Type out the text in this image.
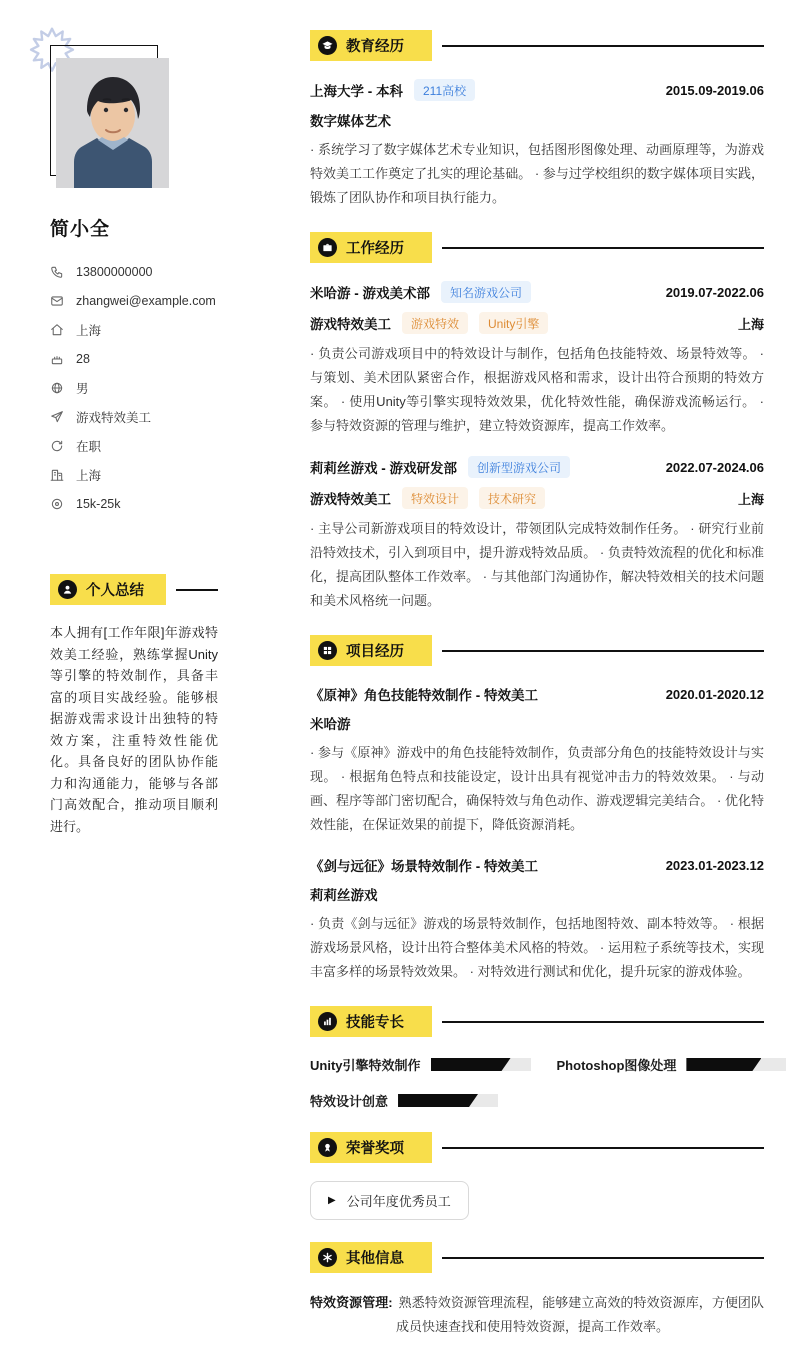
简小全
13800000000
zhangwei@example.com
上海
28
男
游戏特效美工
在职
上海
15k-25k
个人总结

本人拥有[工作年限]年游戏特效美工经验，熟练掌握Unity等引擎的特效制作，具备丰富的项目实战经验。能够根据游戏需求设计出独特的特效方案，注重特效性能优化。具备良好的团队协作能力和沟通能力，能够与各部门高效配合，推动项目顺利进行。

教育经历
上海大学 - 本科	211高校	2015.09-2019.06
数字媒体艺术

· 系统学习了数字媒体艺术专业知识，包括图形图像处理、动画原理等，为游戏特效美工工作奠定了扎实的理论基础。 · 参与过学校组织的数字媒体项目实践，锻炼了团队协作和项目执行能力。

工作经历
米哈游 - 游戏美术部	知名游戏公司	2019.07-2022.06
游戏特效美工	游戏特效	Unity引擎	上海

· 负责公司游戏项目中的特效设计与制作，包括角色技能特效、场景特效等。 · 与策划、美术团队紧密合作，根据游戏风格和需求，设计出符合预期的特效方案。 · 使用Unity等引擎实现特效效果，优化特效性能，确保游戏流畅运行。 · 参与特效资源的管理与维护，建立特效资源库，提高工作效率。

莉莉丝游戏 - 游戏研发部	创新型游戏公司	2022.07-2024.06
游戏特效美工	特效设计	技术研究	上海

· 主导公司新游戏项目的特效设计，带领团队完成特效制作任务。 · 研究行业前沿特效技术，引入到项目中，提升游戏特效品质。 · 负责特效流程的优化和标准化，提高团队整体工作效率。 · 与其他部门沟通协作，解决特效相关的技术问题和美术风格统一问题。

项目经历
《原神》角色技能特效制作 - 特效美工	2020.01-2020.12
米哈游

· 参与《原神》游戏中的角色技能特效制作，负责部分角色的技能特效设计与实现。 · 根据角色特点和技能设定，设计出具有视觉冲击力的特效效果。 · 与动画、程序等部门密切配合，确保特效与角色动作、游戏逻辑完美结合。 · 优化特效性能，在保证效果的前提下，降低资源消耗。

《剑与远征》场景特效制作 - 特效美工	2023.01-2023.12
莉莉丝游戏

· 负责《剑与远征》游戏的场景特效制作，包括地图特效、副本特效等。 · 根据游戏场景风格，设计出符合整体美术风格的特效。 · 运用粒子系统等技术，实现丰富多样的场景特效效果。 · 对特效进行测试和优化，提升玩家的游戏体验。

技能专长
Unity引擎特效制作	Photoshop图像处理
特效设计创意
荣誉奖项
▶ 公司年度优秀员工
其他信息

特效资源管理: 熟悉特效资源管理流程，能够建立高效的特效资源库，方便团队成员快速查找和使用特效资源，提高工作效率。
